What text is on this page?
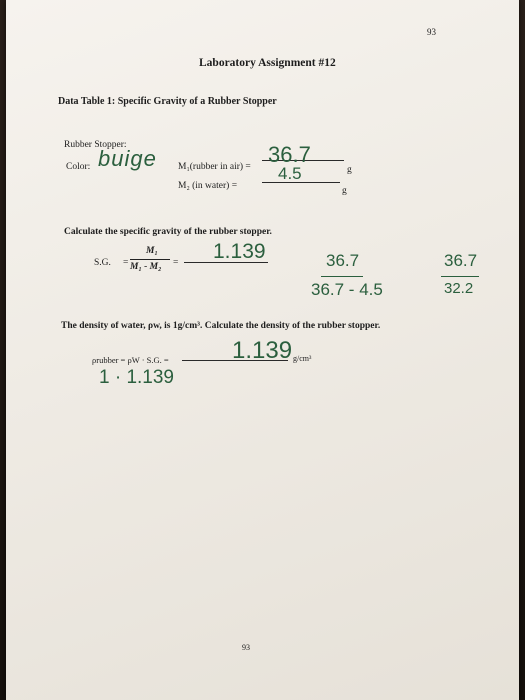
93
Laboratory Assignment #12
Data Table 1: Specific Gravity of a Rubber Stopper
Rubber Stopper:
Color: buige M₁(rubber in air) = 36.7
g
M₂ (in water) =
4.5
g
Calculate the specific gravity of the rubber stopper.
S.G. =
M₁
M₁ - M₂ = 1.139	36.7
36.7 - 4.5
36.7
32.2
The density of water, ρw, is 1g/cm³. Calculate the density of the rubber stopper.
ρrubber = ρW · S.G. =	1.139 g/cm³
1 · 1.139
93
